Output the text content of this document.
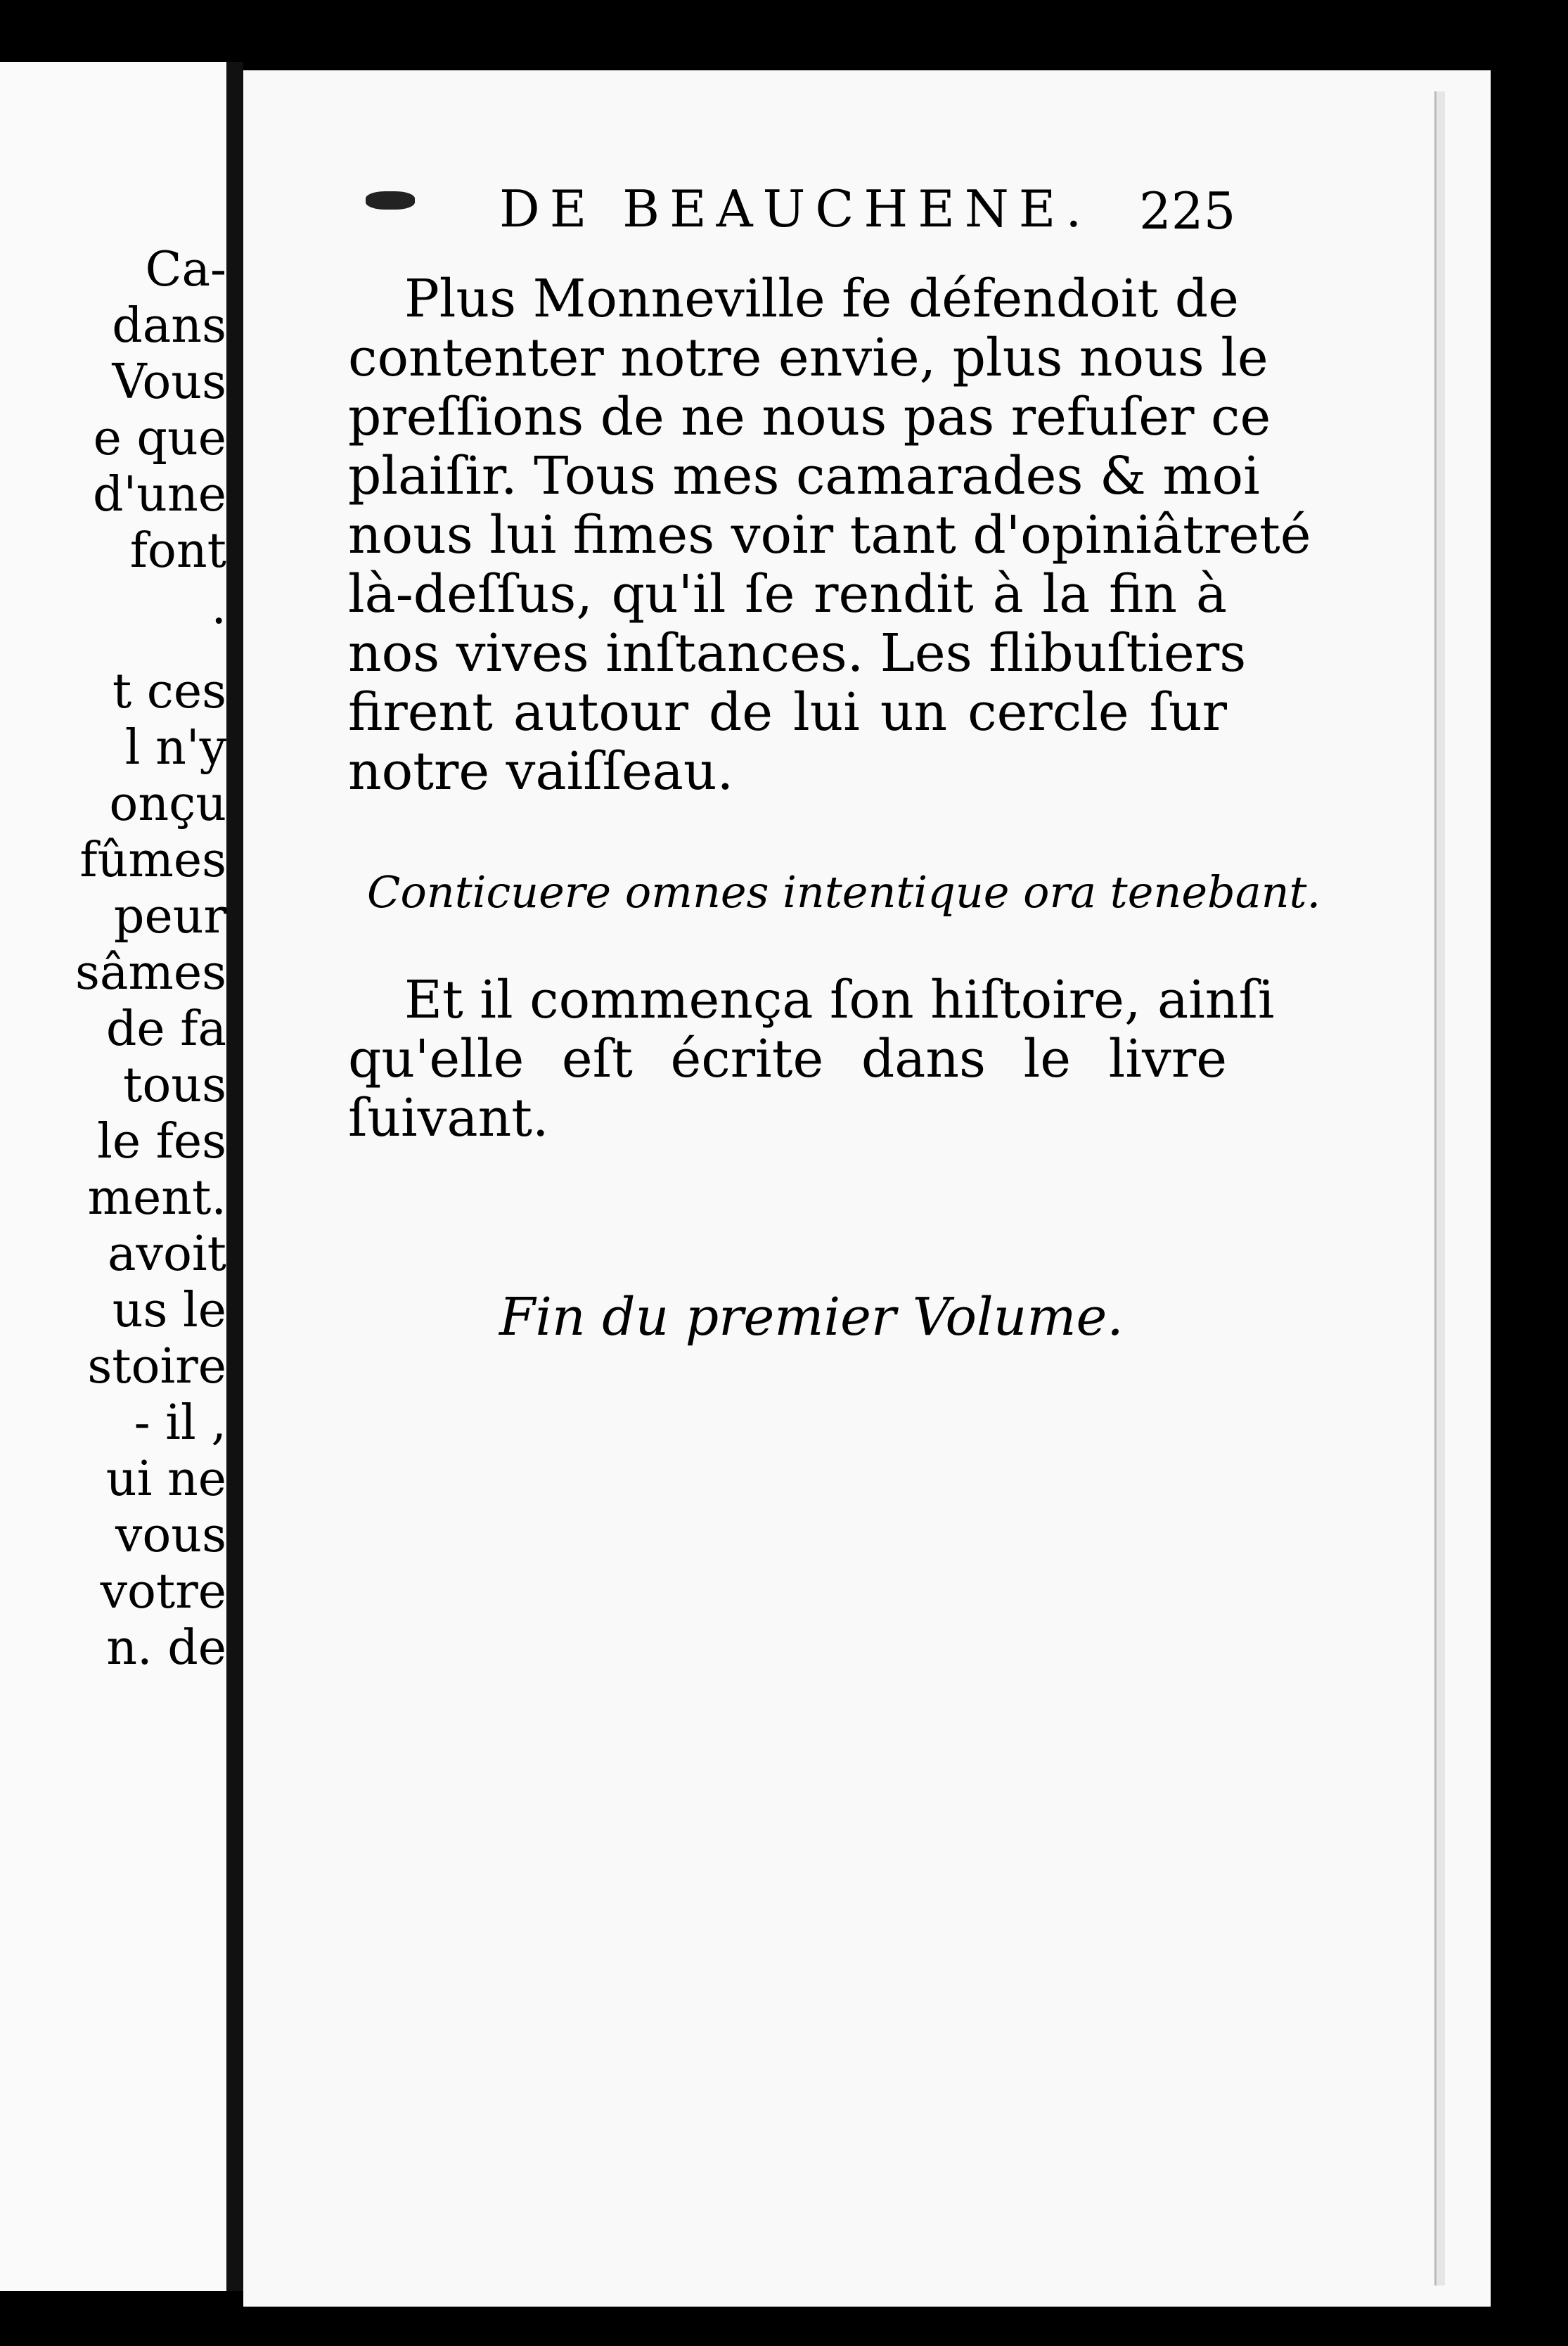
Ca-
dans
Vous
e que
d'une
font
.
t ces
l n'y
onçu
fûmes
peur
sâmes
de fa
tous
le fes
ment.
avoit
us le
stoire
- il ,
ui ne
vous
votre
n. de
DE BEAUCHENE. 225
Plus Monneville fe défendoit de
contenter notre envie, plus nous le
preſſions de ne nous pas refuſer ce
plaiſir. Tous mes camarades & moi
nous lui fimes voir tant d'opiniâtreté
là-deſſus, qu'il ſe rendit à la fin à
nos vives inſtances. Les flibuſtiers
firent autour de lui un cercle ſur
notre vaiſſeau.
Conticuere omnes intentique ora tenebant.
Et il commença ſon hiſtoire, ainſi
qu'elle eſt écrite dans le livre
ſuivant.
Fin du premier Volume.
